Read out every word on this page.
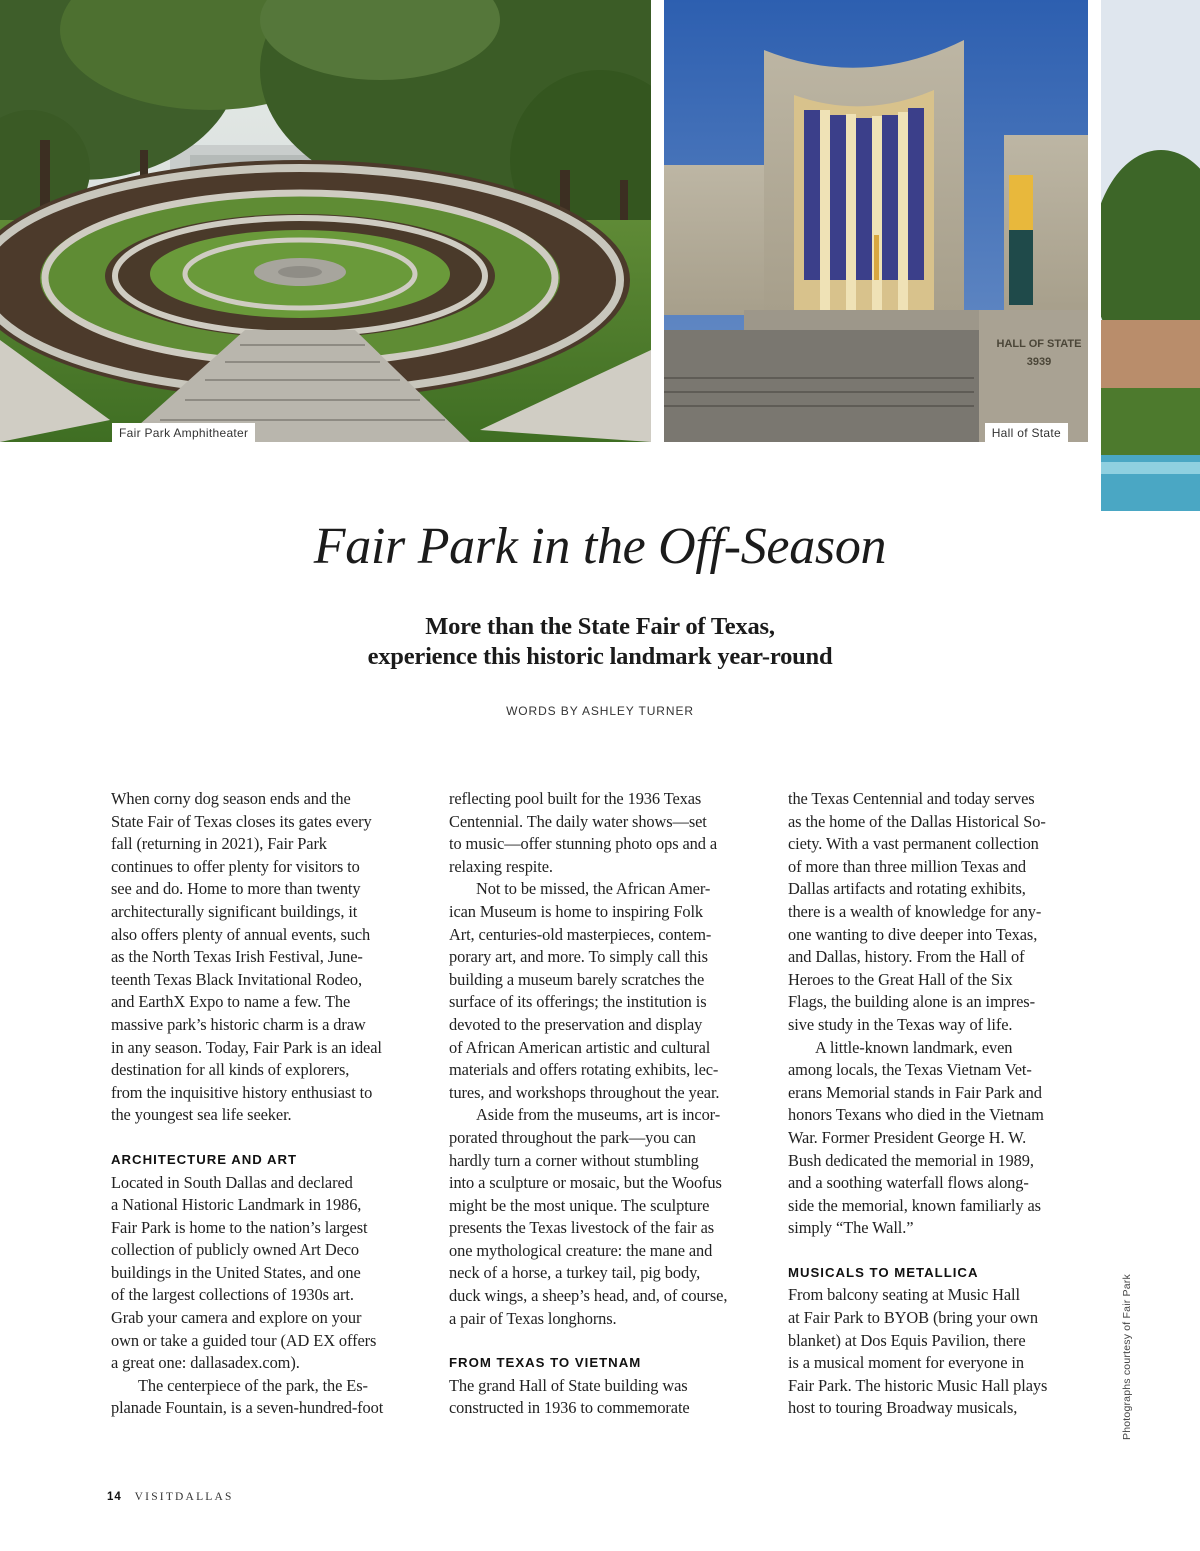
Fair Park Amphitheater
HALL OF STATE
3939
Hall of State
Fair Park in the Off-Season
More than the State Fair of Texas,
experience this historic landmark year-round
WORDS BY ASHLEY TURNER
When corny dog season ends and the
State Fair of Texas closes its gates every
fall (returning in 2021), Fair Park
continues to offer plenty for visitors to
see and do. Home to more than twenty
architecturally significant buildings, it
also offers plenty of annual events, such
as the North Texas Irish Festival, June-
teenth Texas Black Invitational Rodeo,
and EarthX Expo to name a few. The
massive park’s historic charm is a draw
in any season. Today, Fair Park is an ideal
destination for all kinds of explorers,
from the inquisitive history enthusiast to
the youngest sea life seeker.
ARCHITECTURE AND ART
Located in South Dallas and declared
a National Historic Landmark in 1986,
Fair Park is home to the nation’s largest
collection of publicly owned Art Deco
buildings in the United States, and one
of the largest collections of 1930s art.
Grab your camera and explore on your
own or take a guided tour (AD EX offers
a great one: dallasadex.com).
The centerpiece of the park, the Es-
planade Fountain, is a seven-hundred-foot
reflecting pool built for the 1936 Texas
Centennial. The daily water shows—set
to music—offer stunning photo ops and a
relaxing respite.
Not to be missed, the African Amer-
ican Museum is home to inspiring Folk
Art, centuries-old masterpieces, contem-
porary art, and more. To simply call this
building a museum barely scratches the
surface of its offerings; the institution is
devoted to the preservation and display
of African American artistic and cultural
materials and offers rotating exhibits, lec-
tures, and workshops throughout the year.
Aside from the museums, art is incor-
porated throughout the park—you can
hardly turn a corner without stumbling
into a sculpture or mosaic, but the Woofus
might be the most unique. The sculpture
presents the Texas livestock of the fair as
one mythological creature: the mane and
neck of a horse, a turkey tail, pig body,
duck wings, a sheep’s head, and, of course,
a pair of Texas longhorns.
FROM TEXAS TO VIETNAM
The grand Hall of State building was
constructed in 1936 to commemorate
the Texas Centennial and today serves
as the home of the Dallas Historical So-
ciety. With a vast permanent collection
of more than three million Texas and
Dallas artifacts and rotating exhibits,
there is a wealth of knowledge for any-
one wanting to dive deeper into Texas,
and Dallas, history. From the Hall of
Heroes to the Great Hall of the Six
Flags, the building alone is an impres-
sive study in the Texas way of life.
A little-known landmark, even
among locals, the Texas Vietnam Vet-
erans Memorial stands in Fair Park and
honors Texans who died in the Vietnam
War. Former President George H. W.
Bush dedicated the memorial in 1989,
and a soothing waterfall flows along-
side the memorial, known familiarly as
simply “The Wall.”
MUSICALS TO METALLICA
From balcony seating at Music Hall
at Fair Park to BYOB (bring your own
blanket) at Dos Equis Pavilion, there
is a musical moment for everyone in
Fair Park. The historic Music Hall plays
host to touring Broadway musicals,	Photographs courtesy of Fair Park
14 VISITDALLAS
